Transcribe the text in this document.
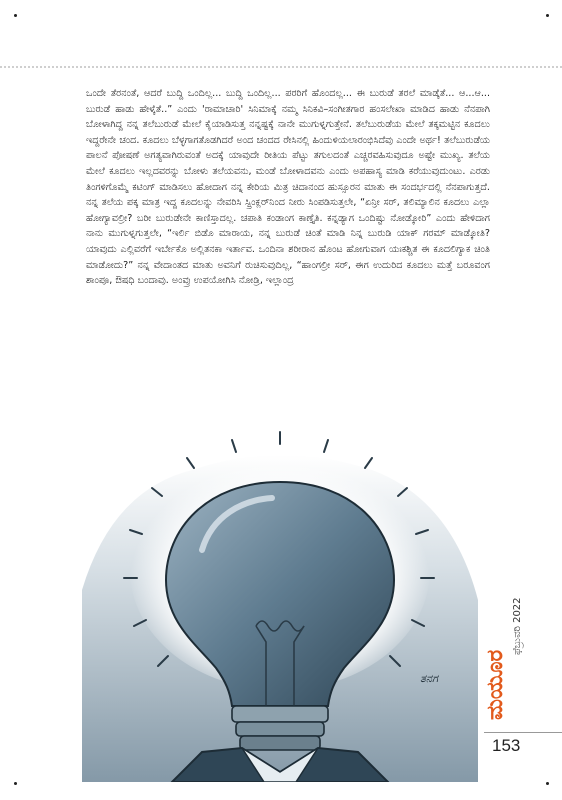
ಒಂದೇ ತೆರನಂತೆ, ಆದರೆ ಬುದ್ದಿ ಒಂದಿಲ್ಲ... ಬುದ್ದಿ ಒಂದಿಲ್ಲ... ಪರರಿಗೆ ಹೊಂದಲ್ಲ... ಈ ಬುರುಡೆ ತರಲೆ ಮಾಡ್ಕೆತೆ... ಆ...ಆ... ಬುರುಡೆ ಹಾಡು ಹೇಳ್ಕೆತೆ..” ಎಂದು 'ರಾಮಾಚಾರಿ' ಸಿನಿಮಾಕ್ಕೆ ನಮ್ಮ ಸಿನಿಕವಿ–ಸಂಗೀತಗಾರ ಹಂಸಲೇಖಾ ಮಾಡಿದ ಹಾಡು ನೆನಪಾಗಿ ಬೋಳಾಗಿದ್ದ ನನ್ನ ತಲೆಬುರುಡೆ ಮೇಲೆ ಕೈಯಾಡಿಸುತ್ತ ನನ್ನಷ್ಟಕ್ಕೆ ನಾನೇ ಮುಗುಳ್ನಗುತ್ತೇನೆ. ತಲೆಬುರುಡೆಯ ಮೇಲೆ ತಕ್ಕಮಟ್ಟಿನ ಕೂದಲು ಇದ್ದರೇನೇ ಚಂದ. ಕೂದಲು ಬೆಳ್ಳಗಾಗತೊಡಗಿದರೆ ಅಂದ ಚಂದದ ರೇಸಿನಲ್ಲಿ ಹಿಂದುಳಿಯಲಾರಂಭಿಸಿದೆವು ಎಂದೇ ಅರ್ಥ! ತಲೆಬುರುಡೆಯ ಪಾಲನೆ ಪೋಷಣೆ ಅಗತ್ಯವಾಗಿರುವಂತೆ ಅದಕ್ಕೆ ಯಾವುದೇ ರೀತಿಯ ಪೆಟ್ಟು ತಗುಲದಂತೆ ಎಚ್ಚರವಹಿಸುವುದೂ ಅಷ್ಟೇ ಮುಖ್ಯ. ತಲೆಯ ಮೇಲೆ ಕೂದಲು ಇಲ್ಲದವರನ್ನು ಬೋಳು ತಲೆಯವನು, ಮಂಡೆ ಬೋಳಾದವನು ಎಂದು ಅಪಹಾಸ್ಯ ಮಾಡಿ ಕರೆಯುವುದುಂಟು. ಎರಡು ತಿಂಗಳಿಗೊಮ್ಮೆ ಕಟಿಂಗ್ ಮಾಡಿಸಲು ಹೋದಾಗ ನನ್ನ ಕೇರಿಯ ಮಿತ್ರ ಚಿದಾನಂದ ಹುಸ್ಸೂರನ ಮಾತು ಈ ಸಂದರ್ಭದಲ್ಲಿ ನೆನಪಾಗುತ್ತದೆ. ನನ್ನ ತಲೆಯ ಪಕ್ಕ ಮಾತ್ರ ಇದ್ದ ಕೂದಲನ್ನು ನೇವರಿಸಿ ಸ್ಪ್ರಿಂಕ್ಲರ್‌ನಿಂದ ನೀರು ಸಿಂಪಡಿಸುತ್ತಲೇ, “ಏನ್ರೀ ಸರ್, ತಲಿಮ್ಯಾಲಿನ ಕೂದಲು ಎಲ್ಲಾ ಹೋಗ್ಯಾವಲ್ರೀ? ಬರೀ ಬುರುಡೇನೇ ಕಾಣಿಸ್ತಾದಲ್ಲ. ಚಪಾತಿ ಕಂಡಾಂಗ ಕಾಣ್ತೈತಿ. ಕನ್ನಡ್ಯಾಗ ಒಂದಿಷ್ಟು ನೋಡ್ಕೋರಿ” ಎಂದು ಹೇಳಿದಾಗ ನಾನು ಮುಗುಳ್ನಗುತ್ತಲೇ, “ಇರ್ಲಿ ಬಿಡೊ ಮಾರಾಯ, ನನ್ನ ಬುರುಡೆ ಚಿಂತೆ ಮಾಡಿ ನಿನ್ನ ಬುರುಡಿ ಯಾಕ್ ಗರಮ್ ಮಾಡ್ಕೋತಿ? ಯಾವುದು ಎಲ್ಲಿವರೆಗೆ ಇರ್ಬೇಕೊ ಅಲ್ಲಿತನಕಾ ಇರ್ತಾವ. ಒಂದಿನಾ ಶರೀರಾನ ಹೊಂಟ ಹೋಗುವಾಗ ಯಃಕಶ್ಚಿತ ಈ ಕೂದಲಿಗ್ಯಾಕ ಚಿಂತಿ ಮಾಡೋದು?” ನನ್ನ ವೇದಾಂತದ ಮಾತು ಅವನಿಗೆ ರುಚಿಸುವುದಿಲ್ಲ, “ಹಾಂಗಲ್ರೀ ಸರ್, ಈಗ ಉದುರಿದ ಕೂದಲು ಮತ್ತೆ ಬರೂವಂಗ ಶಾಂಪೂ, ಔಷಧಿ ಬಂದಾವು. ಅಂವ್ರು ಉಪಯೋಗಿಸಿ ನೋಡ್ರಿ, ಇಲ್ಲಾಂದ್ರ

ತನಗ
ಫೆಬ್ರುವರಿ 2022
ಮಯೂರ
153
